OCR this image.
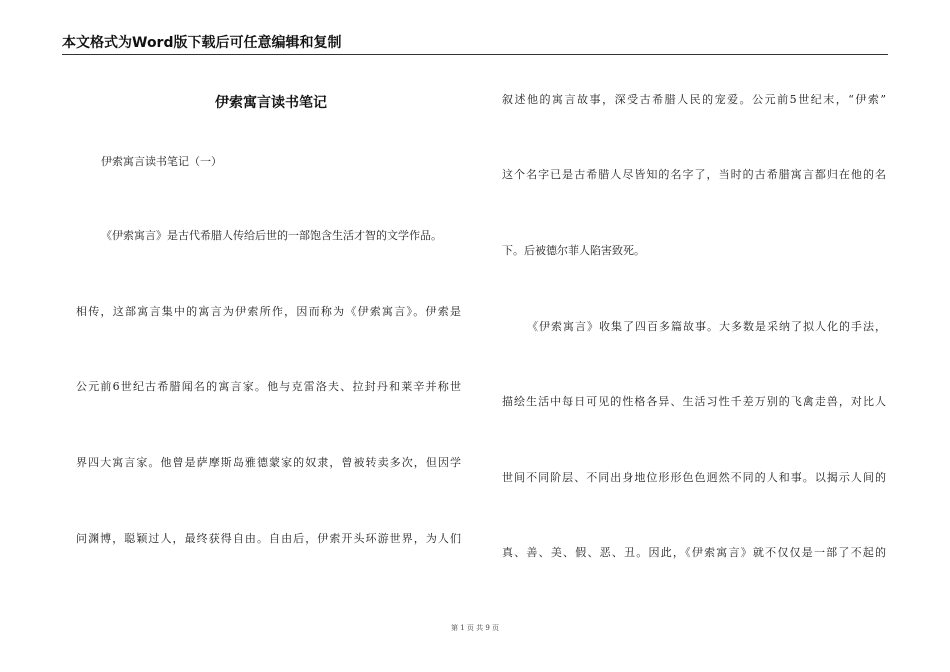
本文格式为Word版下载后可任意编辑和复制
伊索寓言读书笔记
伊索寓言读书笔记（一）
《伊索寓言》是古代希腊人传给后世的一部饱含生活才智的文学作品。
相传，这部寓言集中的寓言为伊索所作，因而称为《伊索寓言》。伊索是
公元前6世纪古希腊闻名的寓言家。他与克雷洛夫、拉封丹和莱辛并称世
界四大寓言家。他曾是萨摩斯岛雅德蒙家的奴隶，曾被转卖多次，但因学
问渊博，聪颖过人，最终获得自由。自由后，伊索开头环游世界，为人们
叙述他的寓言故事，深受古希腊人民的宠爱。公元前5世纪末，“伊索”
这个名字已是古希腊人尽皆知的名字了，当时的古希腊寓言都归在他的名
下。后被德尔菲人陷害致死。
《伊索寓言》收集了四百多篇故事。大多数是采纳了拟人化的手法，
描绘生活中每日可见的性格各异、生活习性千差万别的飞禽走兽，对比人
世间不同阶层、不同出身地位形形色色迥然不同的人和事。以揭示人间的
真、善、美、假、恶、丑。因此，《伊索寓言》就不仅仅是一部了不起的
第 1 页 共 9 页
